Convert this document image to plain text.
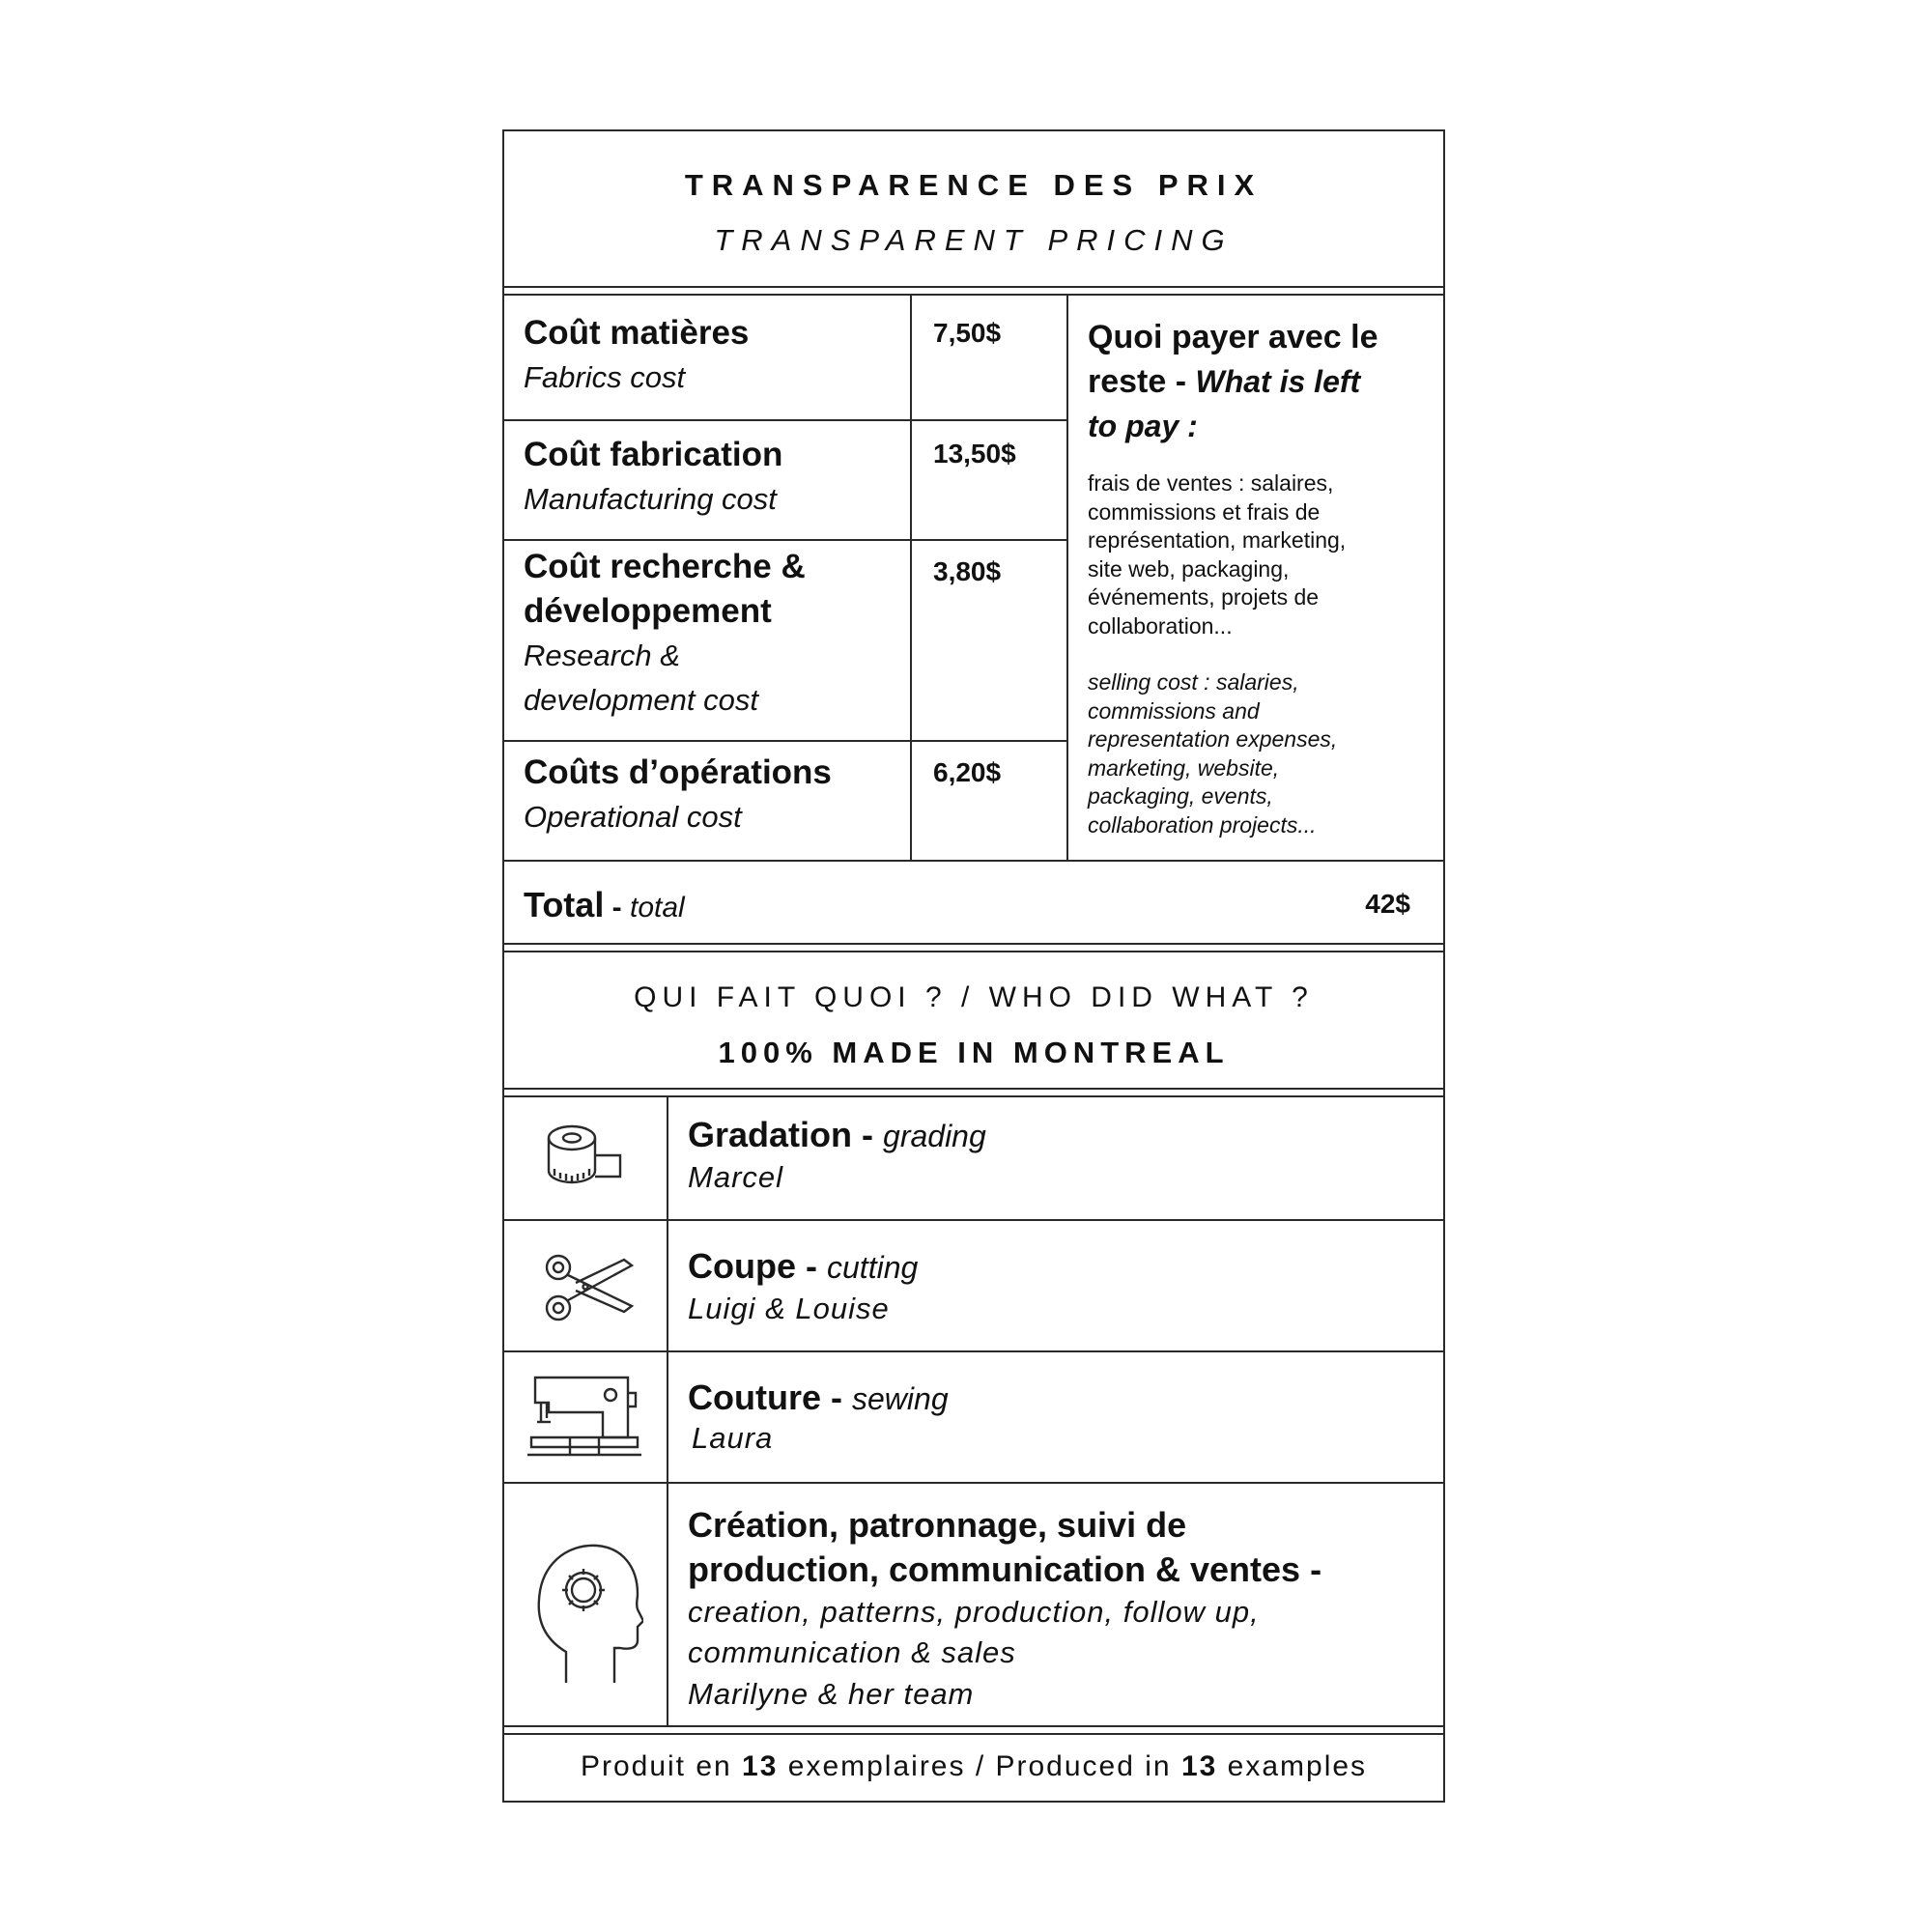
TRANSPARENCE DES PRIX
TRANSPARENT PRICING
Coût matières
Fabrics cost
7,50$
Coût fabrication
Manufacturing cost
13,50$
Coût recherche &
développement
Research &
development cost
3,80$
Coûts d’opérations
Operational cost
6,20$
Quoi payer avec le
reste - What is left
to pay :
frais de ventes : salaires,
commissions et frais de
représentation, marketing,
site web, packaging,
événements, projets de
collaboration...
selling cost : salaries,
commissions and
representation expenses,
marketing, website,
packaging, events,
collaboration projects...
Total - total	42$
QUI FAIT QUOI ? / WHO DID WHAT ?
100% MADE IN MONTREAL
Gradation - grading
Marcel
Coupe - cutting
Luigi & Louise
Couture - sewing
Laura
Création, patronnage, suivi de
production, communication & ventes -
creation, patterns, production, follow up,
communication & sales
Marilyne & her team
Produit en 13 exemplaires / Produced in 13 examples
